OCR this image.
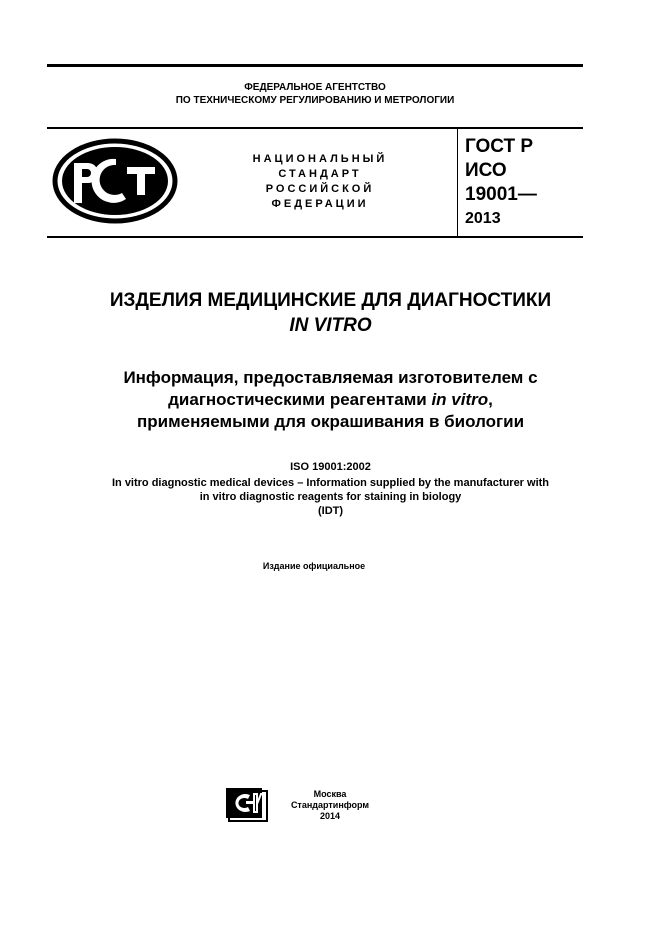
ФЕДЕРАЛЬНОЕ АГЕНТСТВО
ПО ТЕХНИЧЕСКОМУ РЕГУЛИРОВАНИЮ И МЕТРОЛОГИИ
НАЦИОНАЛЬНЫЙ
СТАНДАРТ
РОССИЙСКОЙ
ФЕДЕРАЦИИ
ГОСТ Р
ИСО
19001—
2013
ИЗДЕЛИЯ МЕДИЦИНСКИЕ ДЛЯ ДИАГНОСТИКИ
IN VITRO
Информация, предоставляемая изготовителем с
диагностическими реагентами in vitro,
применяемыми для окрашивания в биологии
ISO 19001:2002
In vitro diagnostic medical devices – Information supplied by the manufacturer with
in vitro diagnostic reagents for staining in biology
(IDT)
Издание официальное
Москва
Стандартинформ
2014
